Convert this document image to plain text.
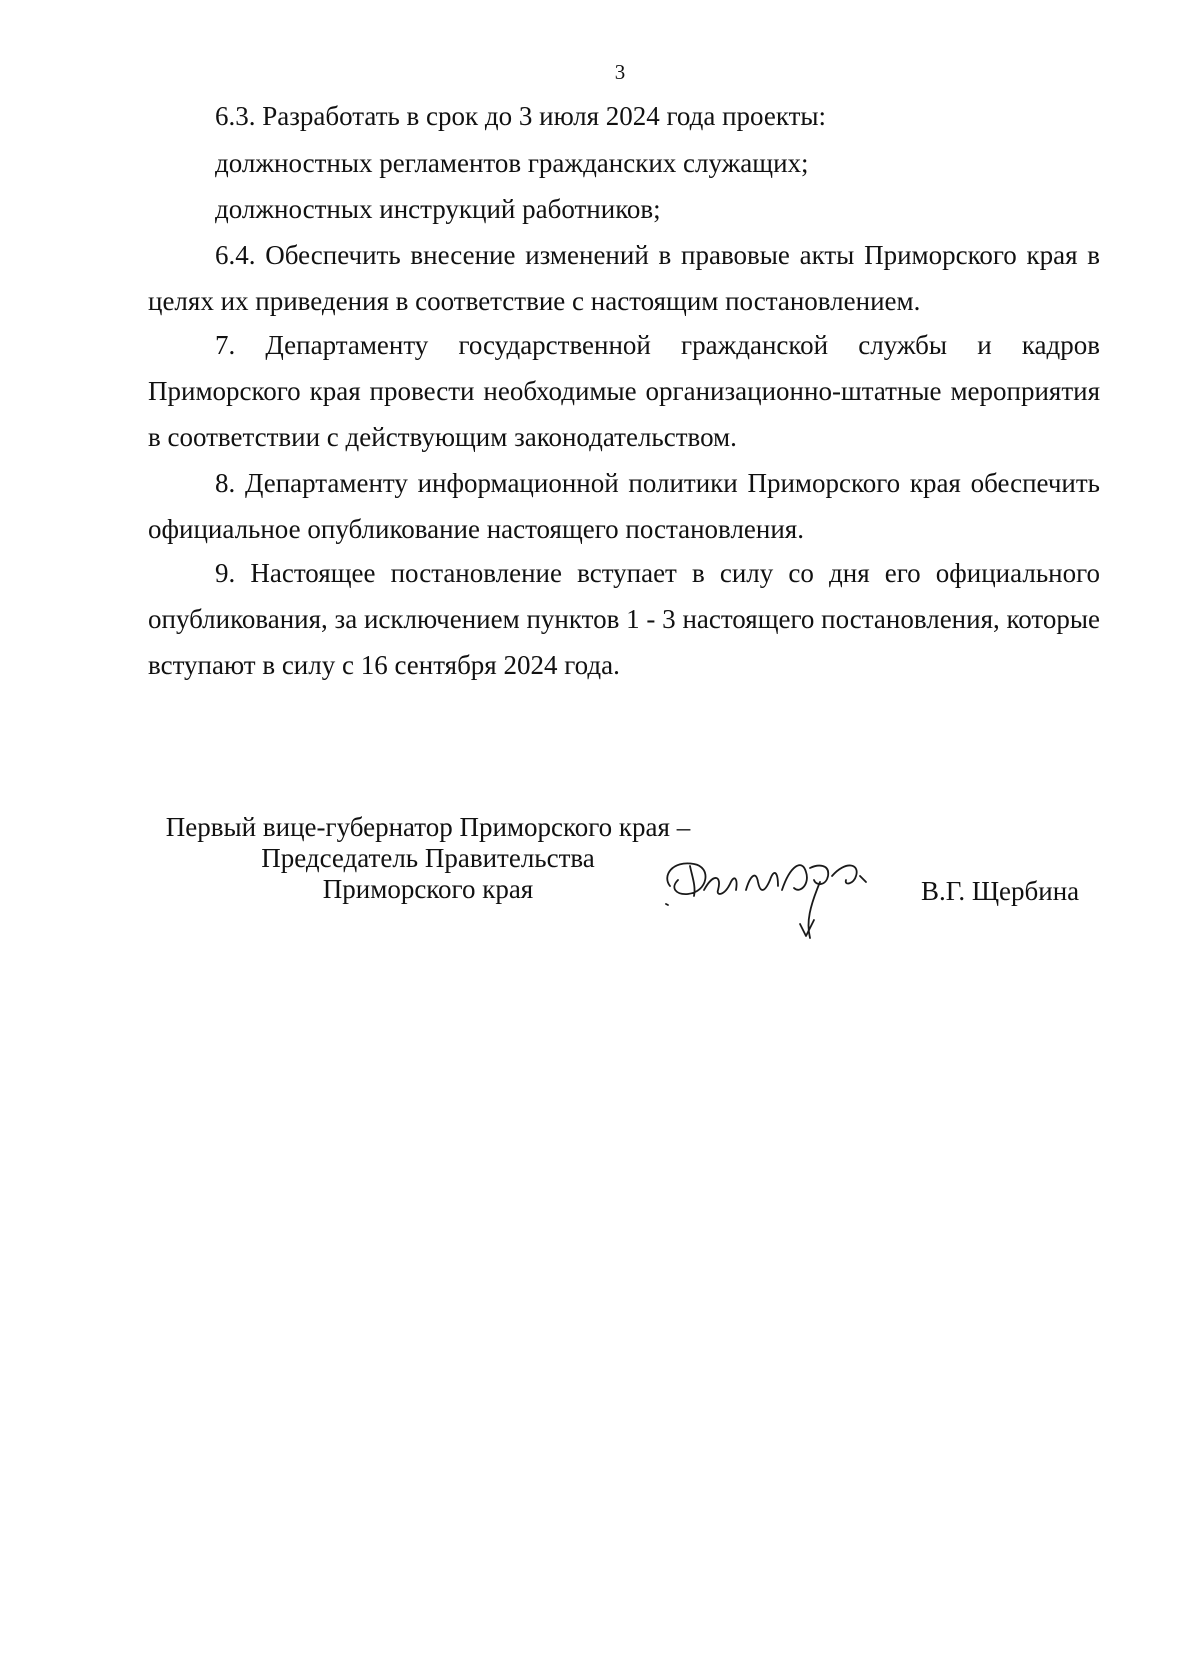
3

6.3. Разработать в срок до 3 июля 2024 года проекты:

должностных регламентов гражданских служащих;

должностных инструкций работников;

6.4. Обеспечить внесение изменений в правовые акты Приморского края в целях их приведения в соответствие с настоящим постановлением.

7. Департаменту государственной гражданской службы и кадров Приморского края провести необходимые организационно-штатные мероприятия в соответствии с действующим законодательством.

8. Департаменту информационной политики Приморского края обеспечить официальное опубликование настоящего постановления.

9. Настоящее постановление вступает в силу со дня его официального опубликования, за исключением пунктов 1 - 3 настоящего постановления, которые вступают в силу с 16 сентября 2024 года.

Первый вице-губернатор Приморского края –
Председатель Правительства
Приморского края	В.Г. Щербина
